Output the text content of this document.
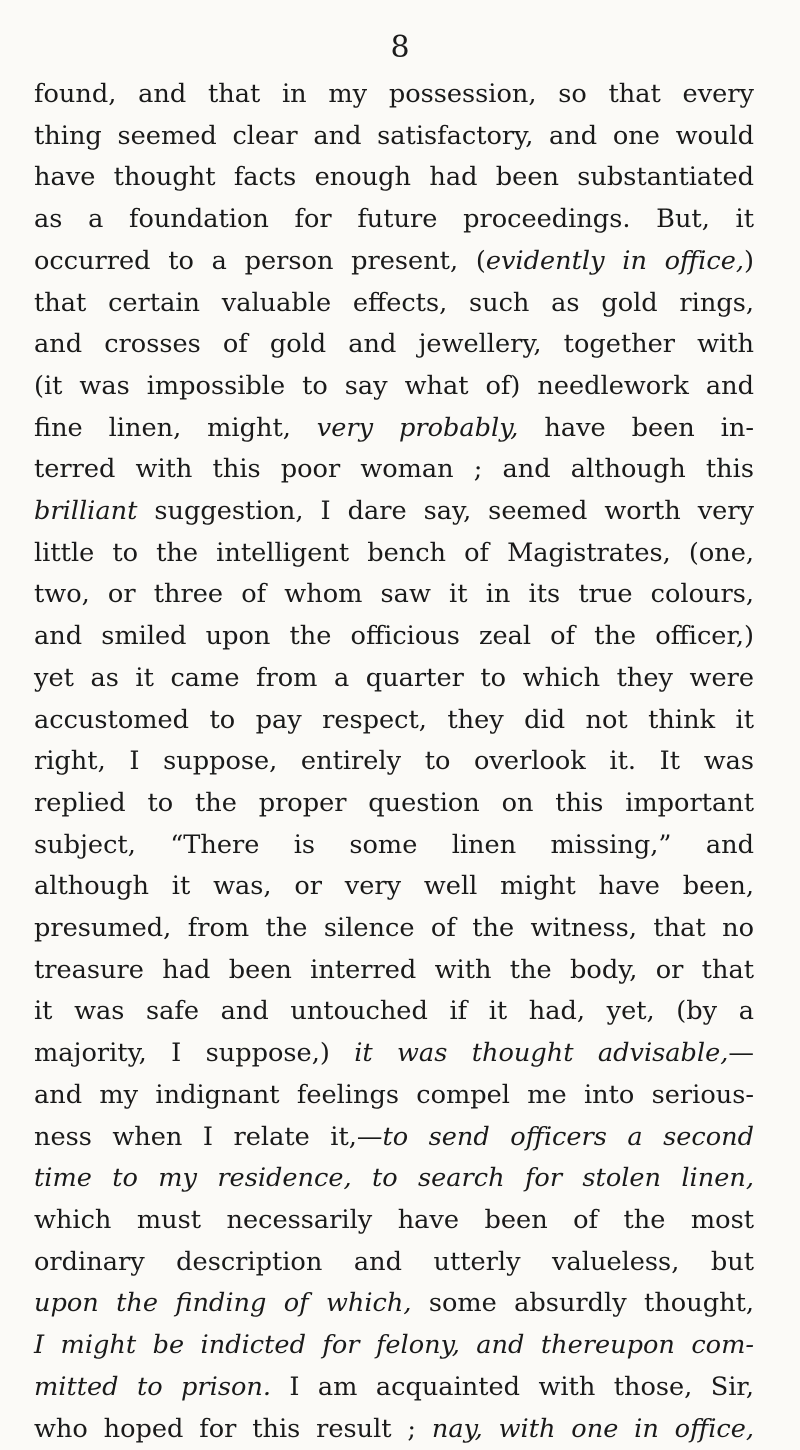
8
found, and that in my possession, so that every
thing seemed clear and satisfactory, and one would
have thought facts enough had been substantiated
as a foundation for future proceedings. But, it
occurred to a person present, (evidently in office,)
that certain valuable effects, such as gold rings,
and crosses of gold and jewellery, together with
(it was impossible to say what of) needlework and
fine linen, might, very probably, have been in-
terred with this poor woman ; and although this
brilliant suggestion, I dare say, seemed worth very
little to the intelligent bench of Magistrates, (one,
two, or three of whom saw it in its true colours,
and smiled upon the officious zeal of the officer,)
yet as it came from a quarter to which they were
accustomed to pay respect, they did not think it
right, I suppose, entirely to overlook it. It was
replied to the proper question on this important
subject, “There is some linen missing,” and
although it was, or very well might have been,
presumed, from the silence of the witness, that no
treasure had been interred with the body, or that
it was safe and untouched if it had, yet, (by a
majority, I suppose,) it was thought advisable,—
and my indignant feelings compel me into serious-
ness when I relate it,—to send officers a second
time to my residence, to search for stolen linen,
which must necessarily have been of the most
ordinary description and utterly valueless, but
upon the finding of which, some absurdly thought,
I might be indicted for felony, and thereupon com-
mitted to prison. I am acquainted with those, Sir,
who hoped for this result ; nay, with one in office,
